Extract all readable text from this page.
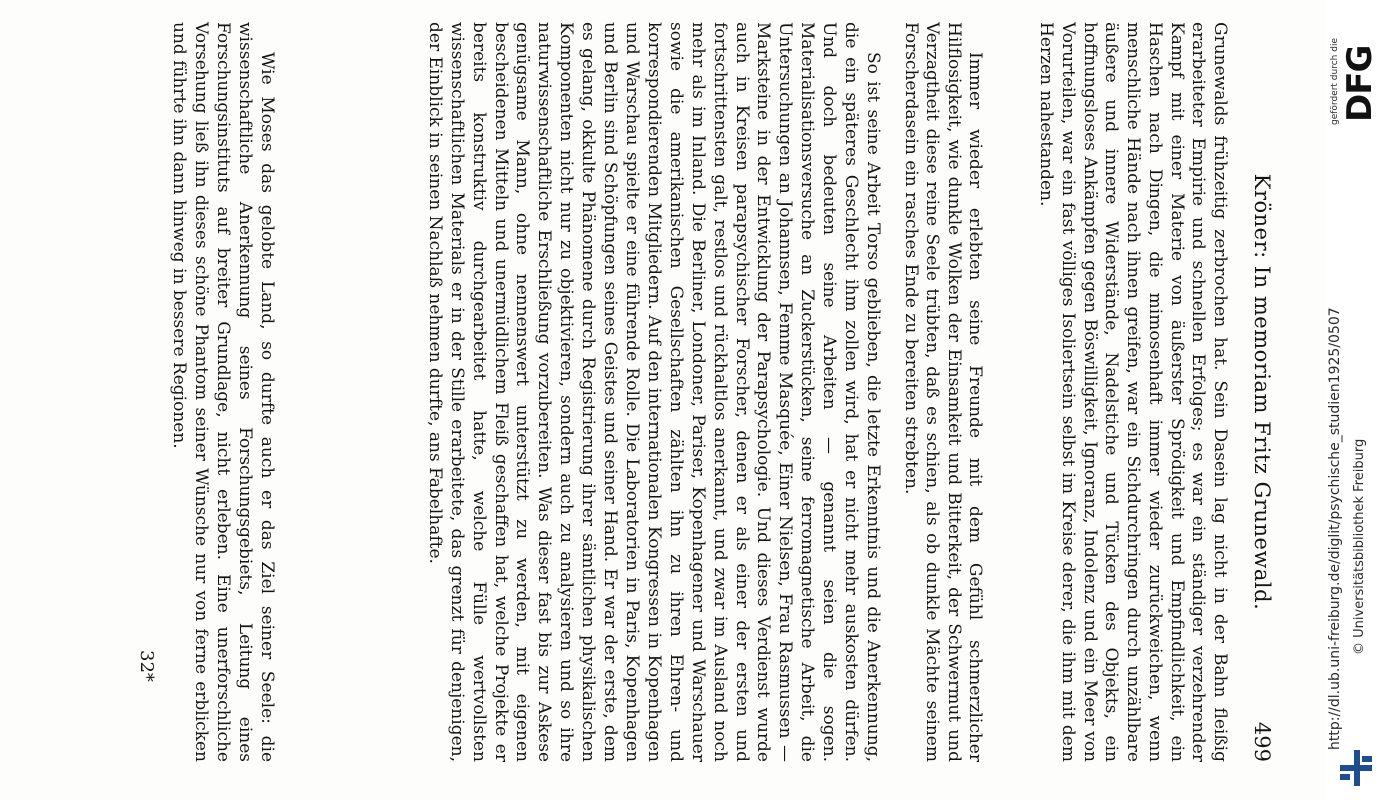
Kröner: In memoriam Fritz Grunewald.
499

Grunewalds frühzeitig zerbrochen hat. Sein Dasein lag nicht in der Bahn fleißig erarbeiteter Empirie und schnellen Erfolges; es war ein ständiger verzehrender Kampf mit einer Materie von äußerster Sprödigkeit und Empfindlichkeit, ein Haschen nach Dingen, die mimosenhaft immer wieder zurückweichen, wenn menschliche Hände nach ihnen greifen, war ein Sichdurchringen durch unzählbare äußere und innere Widerstände, Nadelstiche und Tücken des Objekts, ein hoffnungsloses Ankämpfen gegen Böswilligkeit, Ignoranz, Indolenz und ein Meer von Vorurteilen, war ein fast völliges Isoliertsein selbst im Kreise derer, die ihm mit dem Herzen nahestanden.

Immer wieder erlebten seine Freunde mit dem Gefühl schmerzlicher Hilflosigkeit, wie dunkle Wolken der Einsamkeit und Bitterkeit, der Schwermut und Verzagtheit diese reine Seele trübten, daß es schien, als ob dunkle Mächte seinem Forscherdasein ein rasches Ende zu bereiten strebten.

So ist seine Arbeit Torso geblieben, die letzte Erkenntnis und die Anerkennung, die ein späteres Geschlecht ihm zollen wird, hat er nicht mehr auskosten dürfen. Und doch bedeuten seine Arbeiten — genannt seien die sogen. Materialisationsversuche an Zuckerstücken, seine ferromagnetische Arbeit, die Untersuchungen an Johannsen, Femme Masquée, Einer Nielsen, Frau Rasmussen — Marksteine in der Entwicklung der Parapsychologie. Und dieses Verdienst wurde auch in Kreisen parapsychischer Forscher, denen er als einer der ersten und fortschrittensten galt, restlos und rückhaltlos anerkannt, und zwar im Ausland noch mehr als im Inland. Die Berliner, Londoner, Pariser, Kopenhagener und Warschauer sowie die amerikanischen Gesellschaften zählten ihn zu ihren Ehren- und korrespondierenden Mitgliedern. Auf den internationalen Kongressen in Kopenhagen und Warschau spielte er eine führende Rolle. Die Laboratorien in Paris, Kopenhagen und Berlin sind Schöpfungen seines Geistes und seiner Hand. Er war der erste, dem es gelang, okkulte Phänomene durch Registrierung ihrer sämtlichen physikalischen Komponenten nicht nur zu objektivieren, sondern auch zu analysieren und so ihre naturwissenschaftliche Erschließung vorzubereiten. Was dieser fast bis zur Askese genügsame Mann, ohne nennenswert unterstützt zu werden, mit eigenen bescheidenen Mitteln und unermüdlichem Fleiß geschaffen hat, welche Projekte er bereits konstruktiv durchgearbeitet hatte, welche Fülle wertvollsten wissenschaftlichen Materials er in der Stille erarbeitete, das grenzt für denjenigen, der Einblick in seinen Nachlaß nehmen durfte, ans Fabelhafte.

Wie Moses das gelobte Land, so durfte auch er das Ziel seiner Seele: die wissenschaftliche Anerkennung seines Forschungsgebiets, Leitung eines Forschungsinstituts auf breiter Grundlage, nicht erleben. Eine unerforschliche Vorsehung ließ ihn dieses schöne Phantom seiner Wünsche nur von ferne erblicken und führte ihn dann hinweg in bessere Regionen.

32*	http://dl.ub.uni-freiburg.de/diglit/psychische_studien1925/0507 © Universitätsbibliothek Freiburg
gefördert durch die DFG
